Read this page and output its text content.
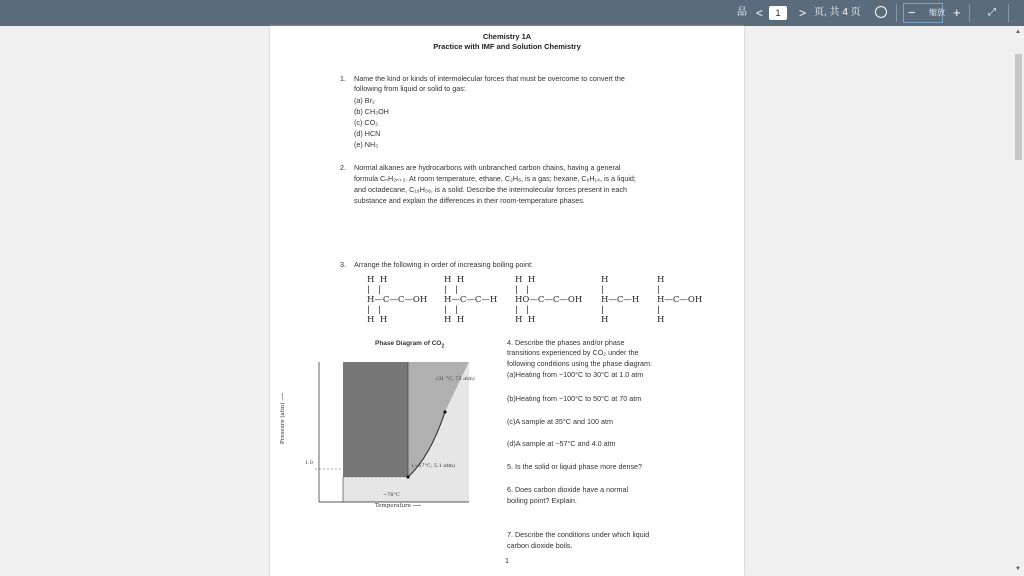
品 <	1	> 页, 共 4 页	− 缩放 +	⤢
▲
▼
Chemistry 1A
Practice with IMF and Solution Chemistry
1. Name the kind or kinds of intermolecular forces that must be overcome to convert the
following from liquid or solid to gas:
(a) Br₂
(b) CH₃OH
(c) CO₂
(d) HCN
(e) NH₃
2. Normal alkanes are hydrocarbons with unbranched carbon chains, having a general
formula CₙH₂ₙ₊₂. At room temperature, ethane, C₂H₆, is a gas; hexane, C₆H₁₄, is a liquid;
and octadecane, C₁₈H₃₈, is a solid. Describe the intermolecular forces present in each
substance and explain the differences in their room-temperature phases.
3. Arrange the following in order of increasing boiling point:
H  H
|   |
H—C—C—OH
|   |
H  H
H  H
|   |
H—C—C—H
|   |
H  H
H  H
|   |
HO—C—C—OH
|   |
H  H
H
|
H—C—H
|
H
H
|
H—C—OH
|
H
Phase Diagram of $CO_2$
(31 °C, 73 atm)
(−57°C, 5.1 atm)
−78°C
1.0
Temperature ⟶
Pressure (atm) ⟶
4. Describe the phases and/or phase
transitions experienced by CO₂ under the
following conditions using the phase diagram:
(a)Heating from −100°C to 30°C at 1.0 atm
(b)Heating from −100°C to 50°C at 70 atm
(c)A sample at 35°C and 100 atm
(d)A sample at −57°C and 4.0 atm
5. Is the solid or liquid phase more dense?
6. Does carbon dioxide have a normal
boiling point? Explain.
7. Describe the conditions under which liquid
carbon dioxide boils.
1
